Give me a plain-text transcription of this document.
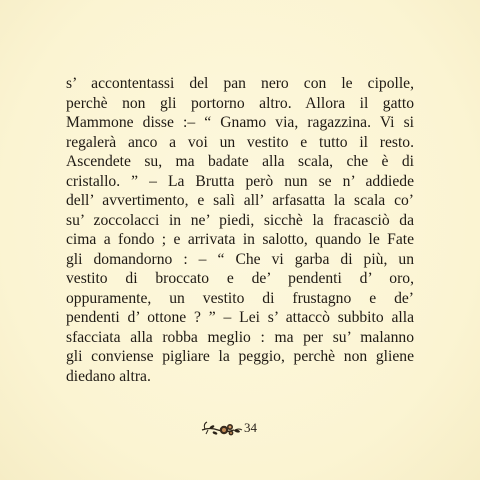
s’ accontentassi del pan nero con le cipolle,
perchè non gli portorno altro. Allora il gatto
Mammone disse :– “ Gnamo via, ragazzina. Vi si
regalerà anco a voi un vestito e tutto il resto.
Ascendete su, ma badate alla scala, che è di
cristallo. ” – La Brutta però nun se n’ addiede
dell’ avvertimento, e salì all’ arfasatta la scala co’
su’ zoccolacci in ne’ piedi, sicchè la fracasciò da
cima a fondo ; e arrivata in salotto, quando le Fate
gli domandorno : – “ Che vi garba di più, un
vestito di broccato e de’ pendenti d’ oro,
oppuramente, un vestito di frustagno e de’
pendenti d’ ottone ? ” – Lei s’ attaccò subbito alla
sfacciata alla robba meglio : ma per su’ malanno
gli conviense pigliare la peggio, perchè non gliene
diedano altra.
34
